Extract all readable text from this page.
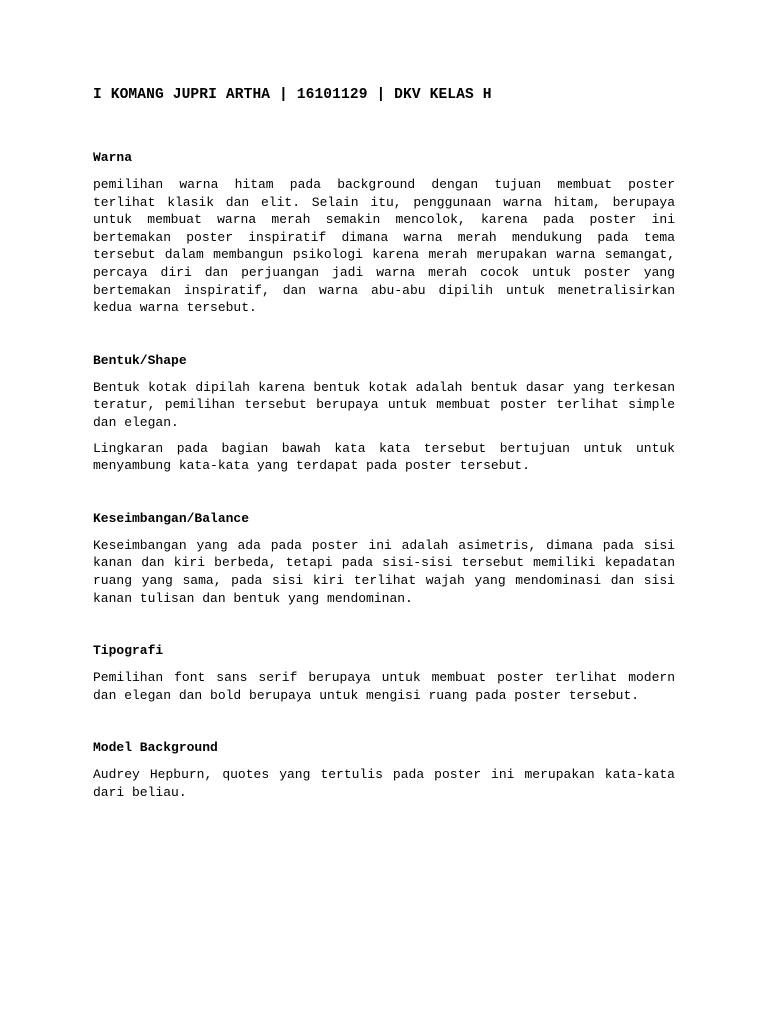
I KOMANG JUPRI ARTHA | 16101129 | DKV KELAS H
Warna

pemilihan warna hitam pada background dengan tujuan membuat poster terlihat klasik dan elit. Selain itu, penggunaan warna hitam, berupaya untuk membuat warna merah semakin mencolok, karena pada poster ini bertemakan poster inspiratif dimana warna merah mendukung pada tema tersebut dalam membangun psikologi karena merah merupakan warna semangat, percaya diri dan perjuangan jadi warna merah cocok untuk poster yang bertemakan inspiratif, dan warna abu-abu dipilih untuk menetralisirkan kedua warna tersebut.

Bentuk/Shape

Bentuk kotak dipilah karena bentuk kotak adalah bentuk dasar yang terkesan teratur, pemilihan tersebut berupaya untuk membuat poster terlihat simple dan elegan.

Lingkaran pada bagian bawah kata kata tersebut bertujuan untuk untuk menyambung kata-kata yang terdapat pada poster tersebut.

Keseimbangan/Balance

Keseimbangan yang ada pada poster ini adalah asimetris, dimana pada sisi kanan dan kiri berbeda, tetapi pada sisi-sisi tersebut memiliki kepadatan ruang yang sama, pada sisi kiri terlihat wajah yang mendominasi dan sisi kanan tulisan dan bentuk yang mendominan.

Tipografi

Pemilihan font sans serif berupaya untuk membuat poster terlihat modern dan elegan dan bold berupaya untuk mengisi ruang pada poster tersebut.

Model Background

Audrey Hepburn, quotes yang tertulis pada poster ini merupakan kata-kata dari beliau.
